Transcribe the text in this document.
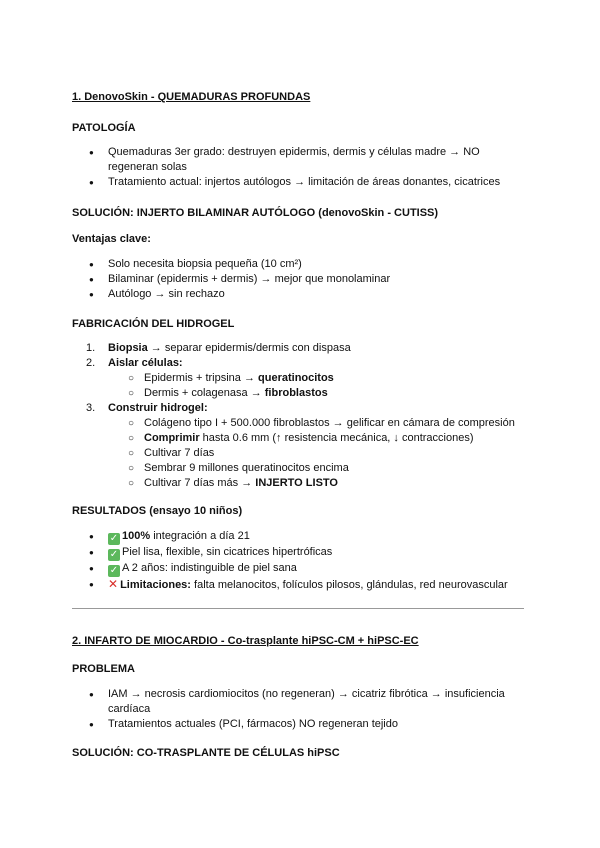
1. DenovoSkin - QUEMADURAS PROFUNDAS
PATOLOGÍA
● Quemaduras 3er grado: destruyen epidermis, dermis y células madre → NO regeneran solas
● Tratamiento actual: injertos autólogos → limitación de áreas donantes, cicatrices
SOLUCIÓN: INJERTO BILAMINAR AUTÓLOGO (denovoSkin - CUTISS)
Ventajas clave:
● Solo necesita biopsia pequeña (10 cm²)
● Bilaminar (epidermis + dermis) → mejor que monolaminar
● Autólogo → sin rechazo
FABRICACIÓN DEL HIDROGEL
1. Biopsia → separar epidermis/dermis con dispasa
2. Aislar células:
○ Epidermis + tripsina → queratinocitos
○ Dermis + colagenasa → fibroblastos
3. Construir hidrogel:
○ Colágeno tipo I + 500.000 fibroblastos → gelificar en cámara de compresión
○ Comprimir hasta 0.6 mm (↑ resistencia mecánica, ↓ contracciones)
○ Cultivar 7 días
○ Sembrar 9 millones queratinocitos encima
○ Cultivar 7 días más → INJERTO LISTO
RESULTADOS (ensayo 10 niños)
● ✓ 100% integración a día 21
● ✓ Piel lisa, flexible, sin cicatrices hipertróficas
● ✓ A 2 años: indistinguible de piel sana
● ✕ Limitaciones: falta melanocitos, folículos pilosos, glándulas, red neurovascular
2. INFARTO DE MIOCARDIO - Co-trasplante hiPSC-CM + hiPSC-EC
PROBLEMA
● IAM → necrosis cardiomiocitos (no regeneran) → cicatriz fibrótica → insuficiencia cardíaca
● Tratamientos actuales (PCI, fármacos) NO regeneran tejido
SOLUCIÓN: CO-TRASPLANTE DE CÉLULAS hiPSC
